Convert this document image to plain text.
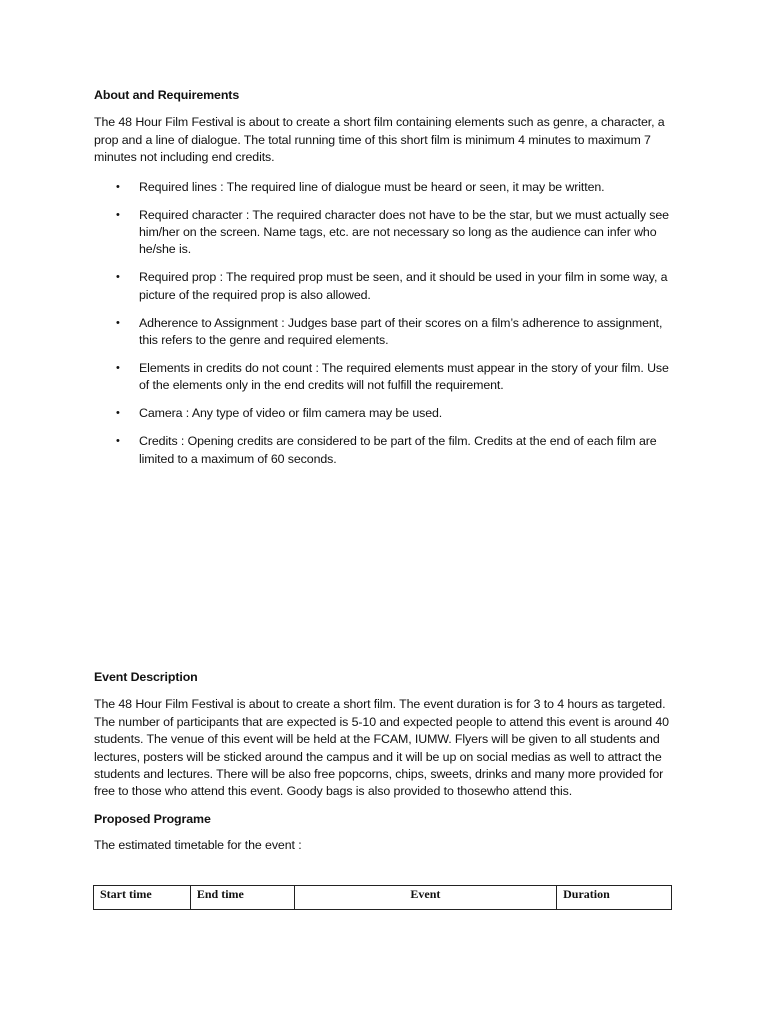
About and Requirements

The 48 Hour Film Festival is about to create a short film containing elements such as genre, a character, a prop and a line of dialogue. The total running time of this short film is minimum 4 minutes to maximum 7 minutes not including end credits.

• Required lines : The required line of dialogue must be heard or seen, it may be written.
• Required character : The required character does not have to be the star, but we must actually see him/her on the screen. Name tags, etc. are not necessary so long as the audience can infer who he/she is.
• Required prop : The required prop must be seen, and it should be used in your film in some way, a picture of the required prop is also allowed.
• Adherence to Assignment : Judges base part of their scores on a film’s adherence to assignment, this refers to the genre and required elements.
• Elements in credits do not count : The required elements must appear in the story of your film. Use of the elements only in the end credits will not fulfill the requirement.
• Camera : Any type of video or film camera may be used.
• Credits : Opening credits are considered to be part of the film. Credits at the end of each film are limited to a maximum of 60 seconds.

Event Description

The 48 Hour Film Festival is about to create a short film. The event duration is for 3 to 4 hours as targeted. The number of participants that are expected is 5-10 and expected people to attend this event is around 40 students. The venue of this event will be held at the FCAM, IUMW. Flyers will be given to all students and lectures, posters will be sticked around the campus and it will be up on social medias as well to attract the students and lectures. There will be also free popcorns, chips, sweets, drinks and many more provided for free to those who attend this event. Goody bags is also provided to thosewho attend this.

Proposed Programe

The estimated timetable for the event :

Start time	End time	Event	Duration
